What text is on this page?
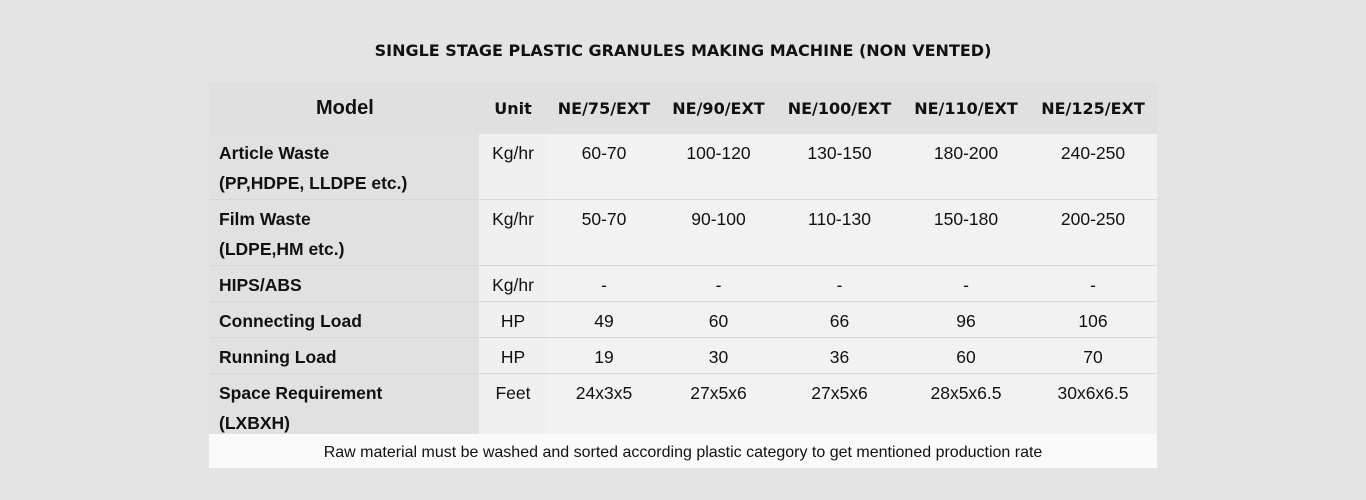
SINGLE STAGE PLASTIC GRANULES MAKING MACHINE (NON VENTED)
Model	Unit	NE/75/EXT	NE/90/EXT	NE/100/EXT	NE/110/EXT	NE/125/EXT
Article Waste
(PP,HDPE, LLDPE etc.)	Kg/hr	60-70	100-120	130-150	180-200	240-250
Film Waste
(LDPE,HM etc.)	Kg/hr	50-70	90-100	110-130	150-180	200-250
HIPS/ABS	Kg/hr	-	-	-	-	-
Connecting Load	HP	49	60	66	96	106
Running Load	HP	19	30	36	60	70
Space Requirement
(LXBXH)	Feet	24x3x5	27x5x6	27x5x6	28x5x6.5	30x6x6.5
Raw material must be washed and sorted according plastic category to get mentioned production rate
